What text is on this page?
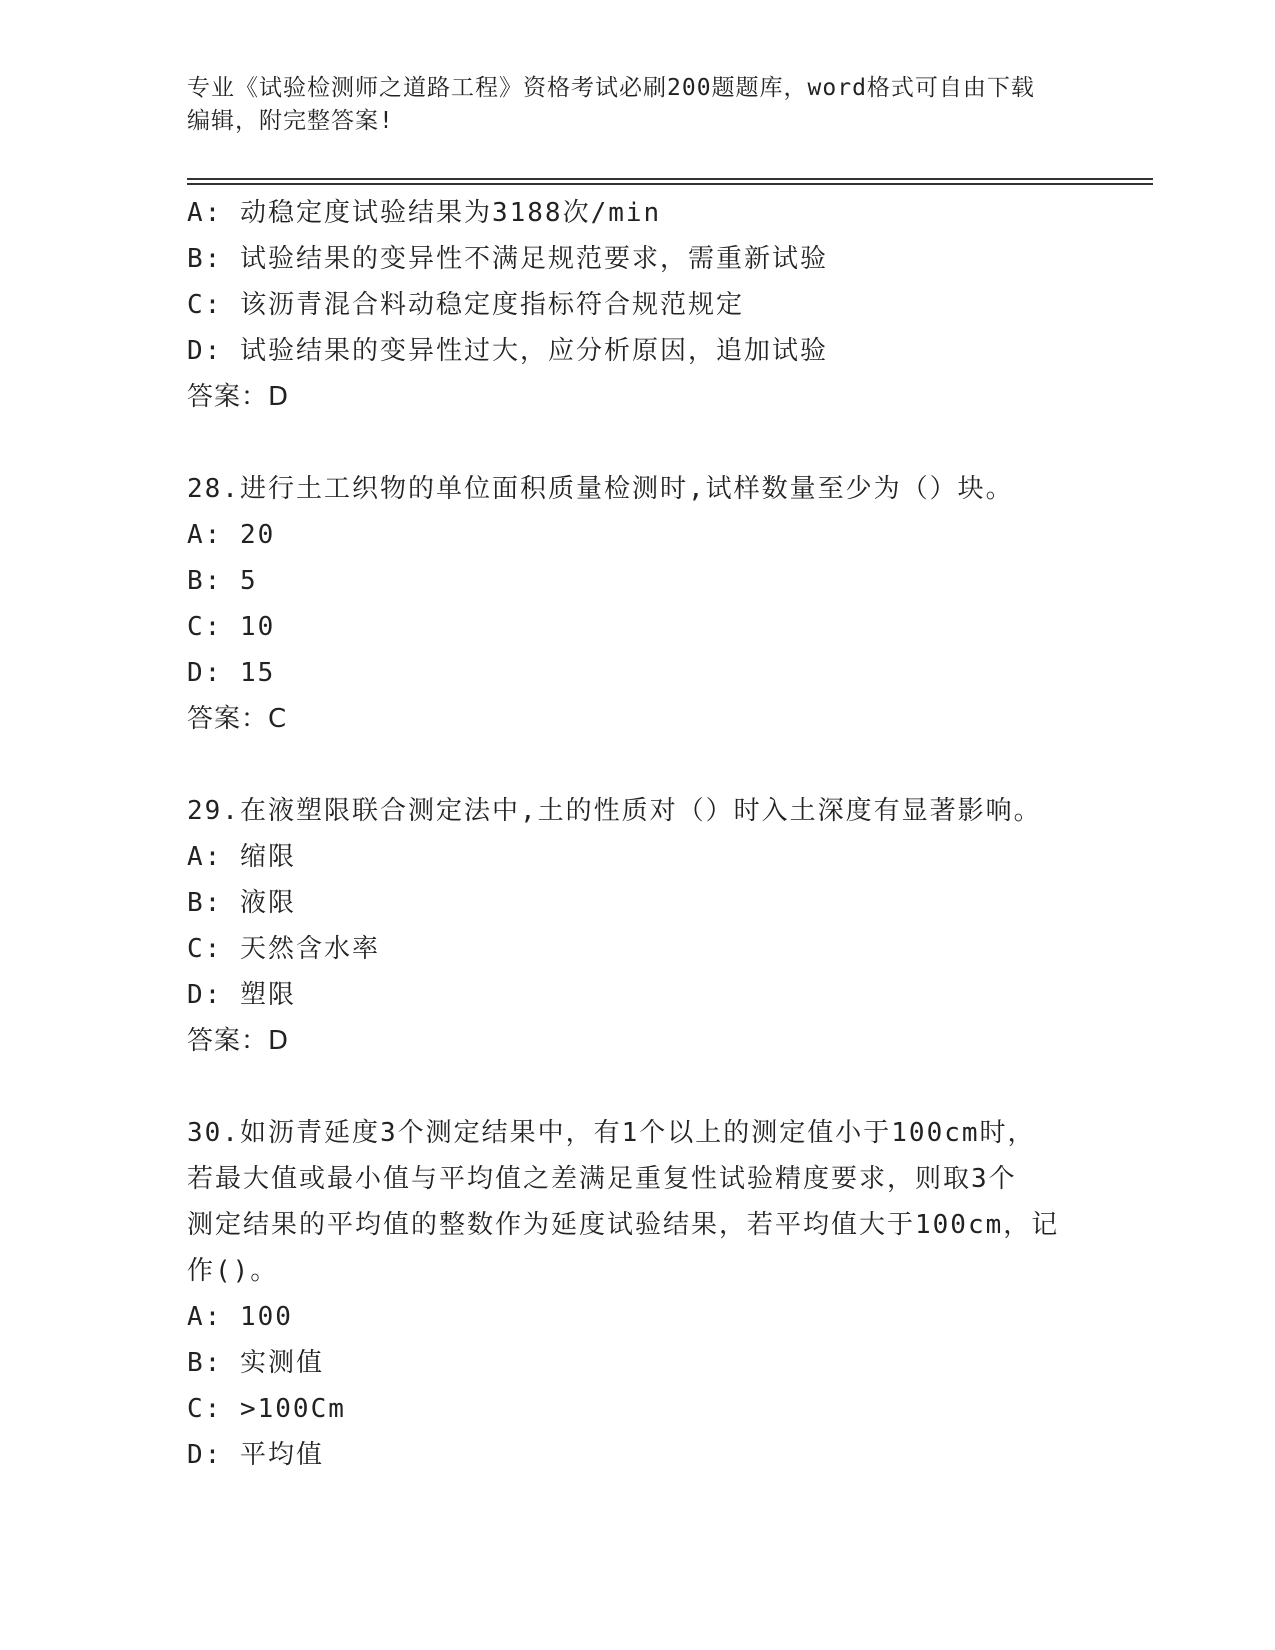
专业《试验检测师之道路工程》资格考试必刷200题题库，word格式可自由下载
编辑，附完整答案!
A: 动稳定度试验结果为3188次/min
B: 试验结果的变异性不满足规范要求，需重新试验
C: 该沥青混合料动稳定度指标符合规范规定
D: 试验结果的变异性过大，应分析原因，追加试验
答案：D
28.进行土工织物的单位面积质量检测时,试样数量至少为（）块。
A: 20
B: 5
C: 10
D: 15
答案：C
29.在液塑限联合测定法中,土的性质对（）时入土深度有显著影响。
A: 缩限
B: 液限
C: 天然含水率
D: 塑限
答案：D
30.如沥青延度3个测定结果中，有1个以上的测定值小于100cm时，
若最大值或最小值与平均值之差满足重复性试验精度要求，则取3个
测定结果的平均值的整数作为延度试验结果，若平均值大于100cm，记
作()。
A: 100
B: 实测值
C: >100Cm
D: 平均值
